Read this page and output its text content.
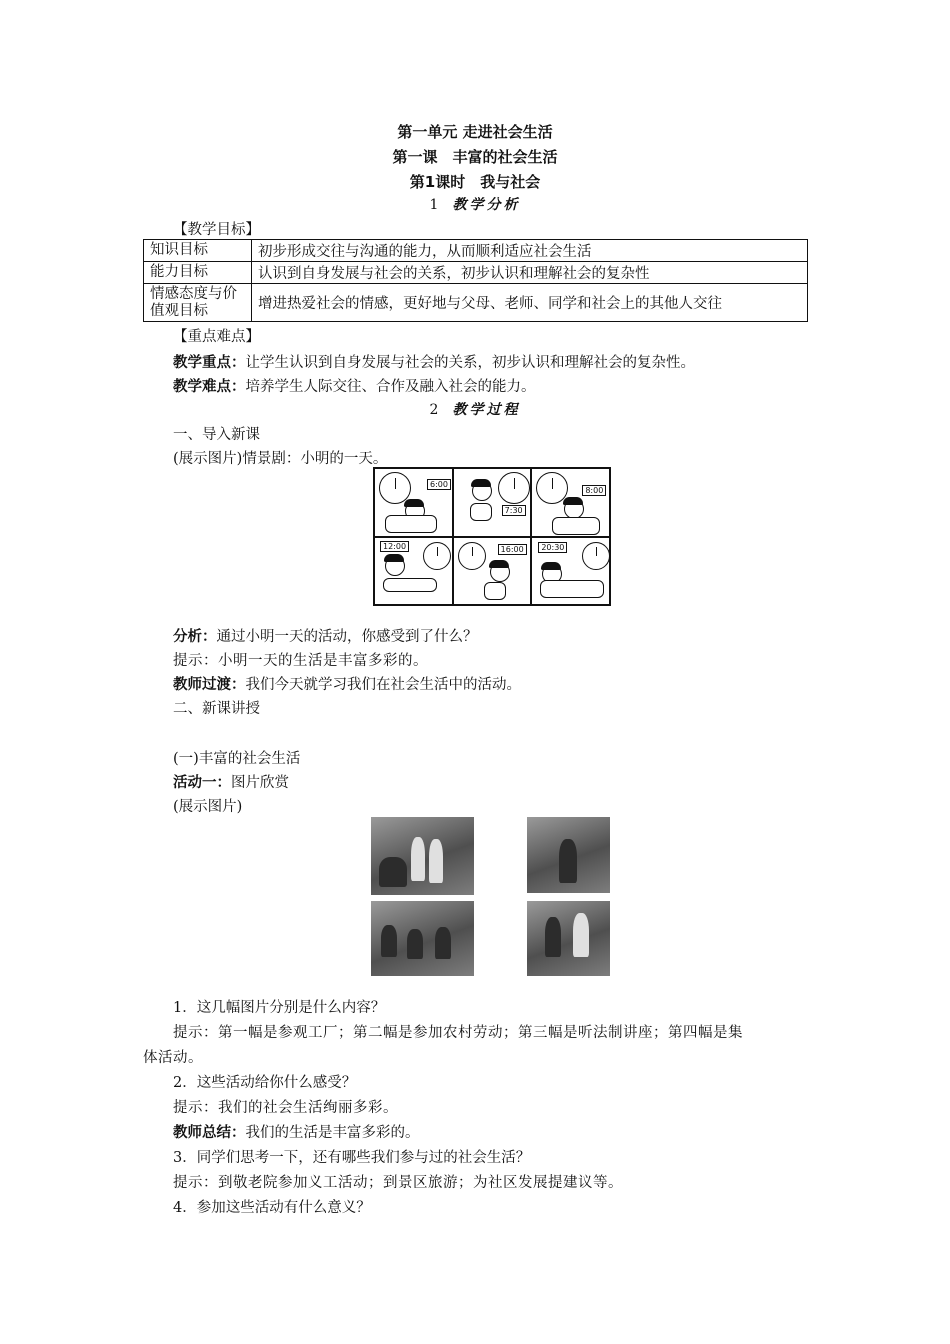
第一单元 走进社会生活
第一课　丰富的社会生活
第1课时　我与社会
1 教学分析
【教学目标】
知识目标	初步形成交往与沟通的能力，从而顺利适应社会生活
能力目标	认识到自身发展与社会的关系，初步认识和理解社会的复杂性
情感态度与价值观目标	增进热爱社会的情感，更好地与父母、老师、同学和社会上的其他人交往
【重点难点】
教学重点：让学生认识到自身发展与社会的关系，初步认识和理解社会的复杂性。
教学难点：培养学生人际交往、合作及融入社会的能力。
2 教学过程
一、导入新课
(展示图片)情景剧：小明的一天。
6:00
7:30
8:00
12:00	16:00	20:30
分析：通过小明一天的活动，你感受到了什么？
提示：小明一天的生活是丰富多彩的。
教师过渡：我们今天就学习我们在社会生活中的活动。
二、新课讲授
(一)丰富的社会生活
活动一：图片欣赏
(展示图片)
1．这几幅图片分别是什么内容？
提示：第一幅是参观工厂；第二幅是参加农村劳动；第三幅是听法制讲座；第四幅是集
体活动。
2．这些活动给你什么感受？
提示：我们的社会生活绚丽多彩。
教师总结：我们的生活是丰富多彩的。
3．同学们思考一下，还有哪些我们参与过的社会生活？
提示：到敬老院参加义工活动；到景区旅游；为社区发展提建议等。
4．参加这些活动有什么意义？
